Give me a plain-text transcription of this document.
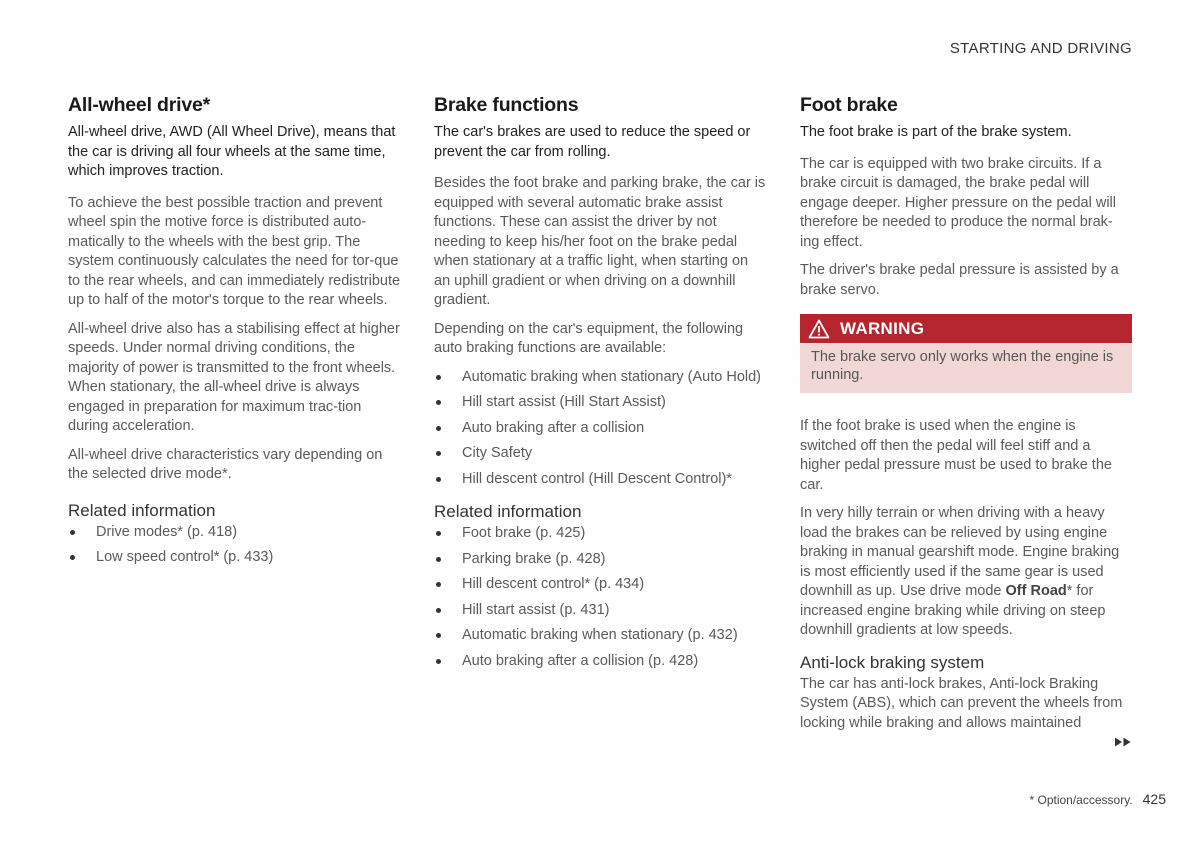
STARTING AND DRIVING
All-wheel drive*

All-wheel drive, AWD (All Wheel Drive), means that the car is driving all four wheels at the same time, which improves traction.

To achieve the best possible traction and prevent wheel spin the motive force is distributed auto-matically to the wheels with the best grip. The system continuously calculates the need for tor-que to the rear wheels, and can immediately redistribute up to half of the motor's torque to the rear wheels.

All-wheel drive also has a stabilising effect at higher speeds. Under normal driving conditions, the majority of power is transmitted to the front wheels. When stationary, the all-wheel drive is always engaged in preparation for maximum trac-tion during acceleration.

All-wheel drive characteristics vary depending on the selected drive mode*.

Related information
Drive modes* (p. 418)
Low speed control* (p. 433)
Brake functions

The car's brakes are used to reduce the speed or prevent the car from rolling.

Besides the foot brake and parking brake, the car is equipped with several automatic brake assist functions. These can assist the driver by not needing to keep his/her foot on the brake pedal when stationary at a traffic light, when starting on an uphill gradient or when driving on a downhill gradient.

Depending on the car's equipment, the following auto braking functions are available:

Automatic braking when stationary (Auto Hold)
Hill start assist (Hill Start Assist)
Auto braking after a collision
City Safety
Hill descent control (Hill Descent Control)*
Related information
Foot brake (p. 425)
Parking brake (p. 428)
Hill descent control* (p. 434)
Hill start assist (p. 431)
Automatic braking when stationary (p. 432)
Auto braking after a collision (p. 428)
Foot brake

The foot brake is part of the brake system.

The car is equipped with two brake circuits. If a brake circuit is damaged, the brake pedal will engage deeper. Higher pressure on the pedal will therefore be needed to produce the normal brak-ing effect.

The driver's brake pedal pressure is assisted by a brake servo.

WARNING
The brake servo only works when the engine is running.

If the foot brake is used when the engine is switched off then the pedal will feel stiff and a higher pedal pressure must be used to brake the car.

In very hilly terrain or when driving with a heavy load the brakes can be relieved by using engine braking in manual gearshift mode. Engine braking is most efficiently used if the same gear is used downhill as up. Use drive mode Off Road* for increased engine braking while driving on steep downhill gradients at low speeds.

Anti-lock braking system

The car has anti-lock brakes, Anti-lock Braking System (ABS), which can prevent the wheels from locking while braking and allows maintained

* Option/accessory. 425
